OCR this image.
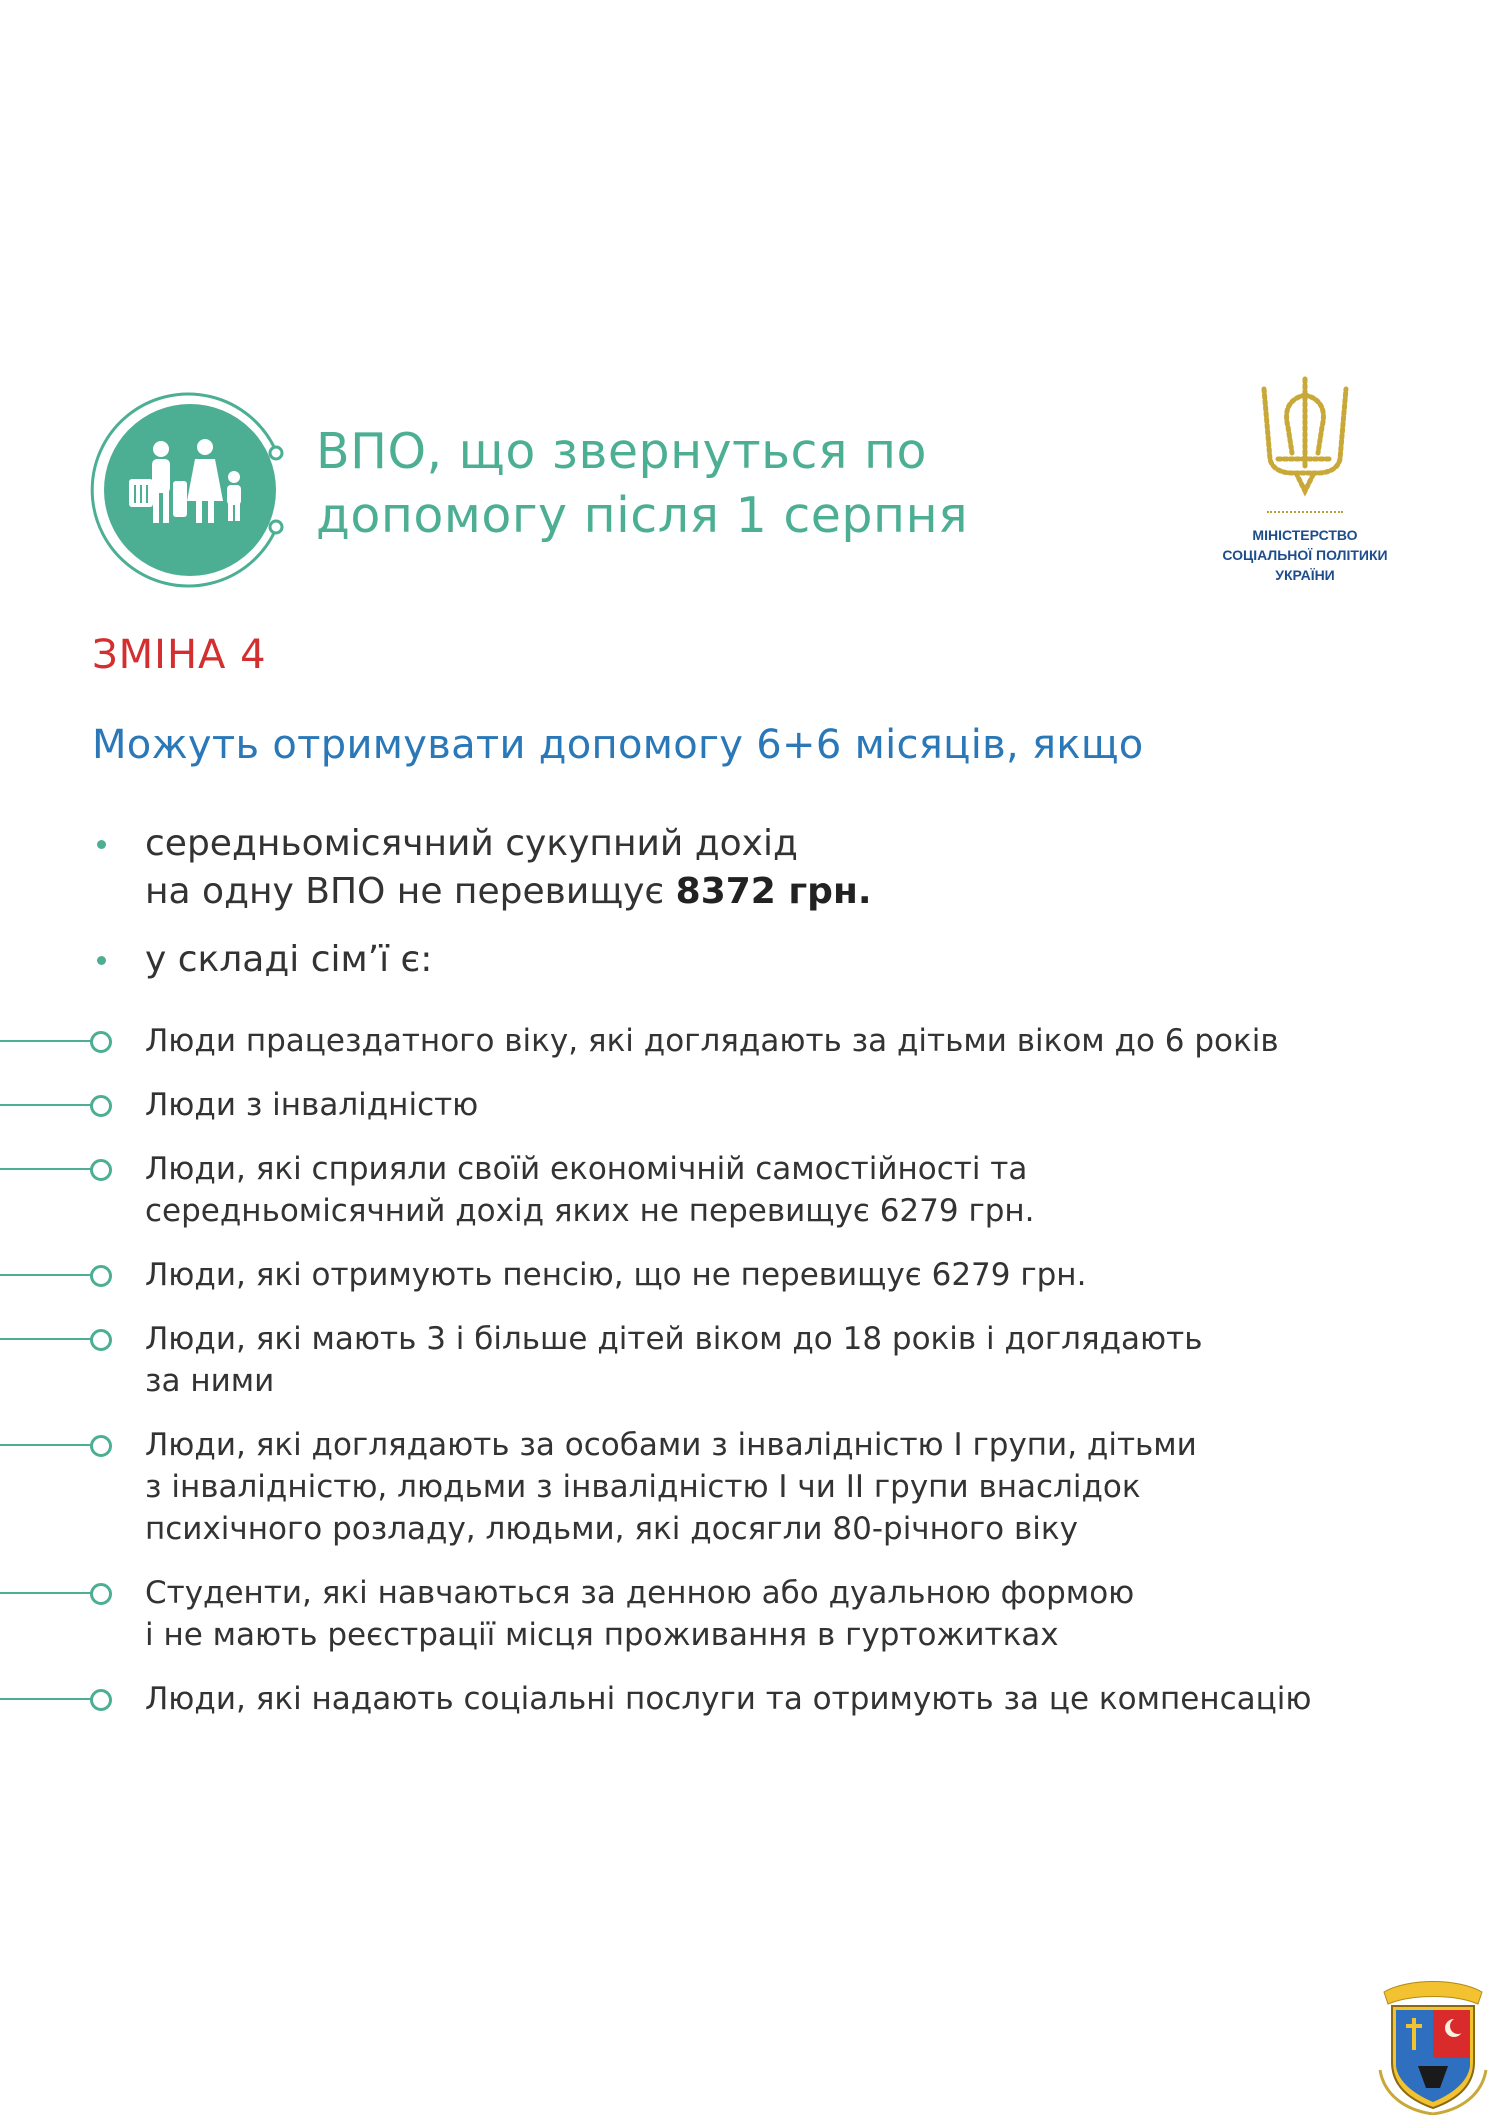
ВПО, що звернуться по
допомогу після 1 серпня	МІНІСТЕРСТВО
СОЦІАЛЬНОЇ ПОЛІТИКИ
УКРАЇНИ
ЗМІНА 4
Можуть отримувати допомогу 6+6 місяців, якщо
середньомісячний сукупний дохід
на одну ВПО не перевищує 8372 грн.
у складі сім’ї є:
Люди працездатного віку, які доглядають за дітьми віком до 6 років
Люди з інвалідністю
Люди, які сприяли своїй економічній самостійності та
середньомісячний дохід яких не перевищує 6279 грн.
Люди, які отримують пенсію, що не перевищує 6279 грн.
Люди, які мають 3 і більше дітей віком до 18 років і доглядають
за ними
Люди, які доглядають за особами з інвалідністю І групи, дітьми
з інвалідністю, людьми з інвалідністю І чи ІІ групи внаслідок
психічного розладу, людьми, які досягли 80-річного віку
Студенти, які навчаються за денною або дуальною формою
і не мають реєстрації місця проживання в гуртожитках
Люди, які надають соціальні послуги та отримують за це компенсацію
